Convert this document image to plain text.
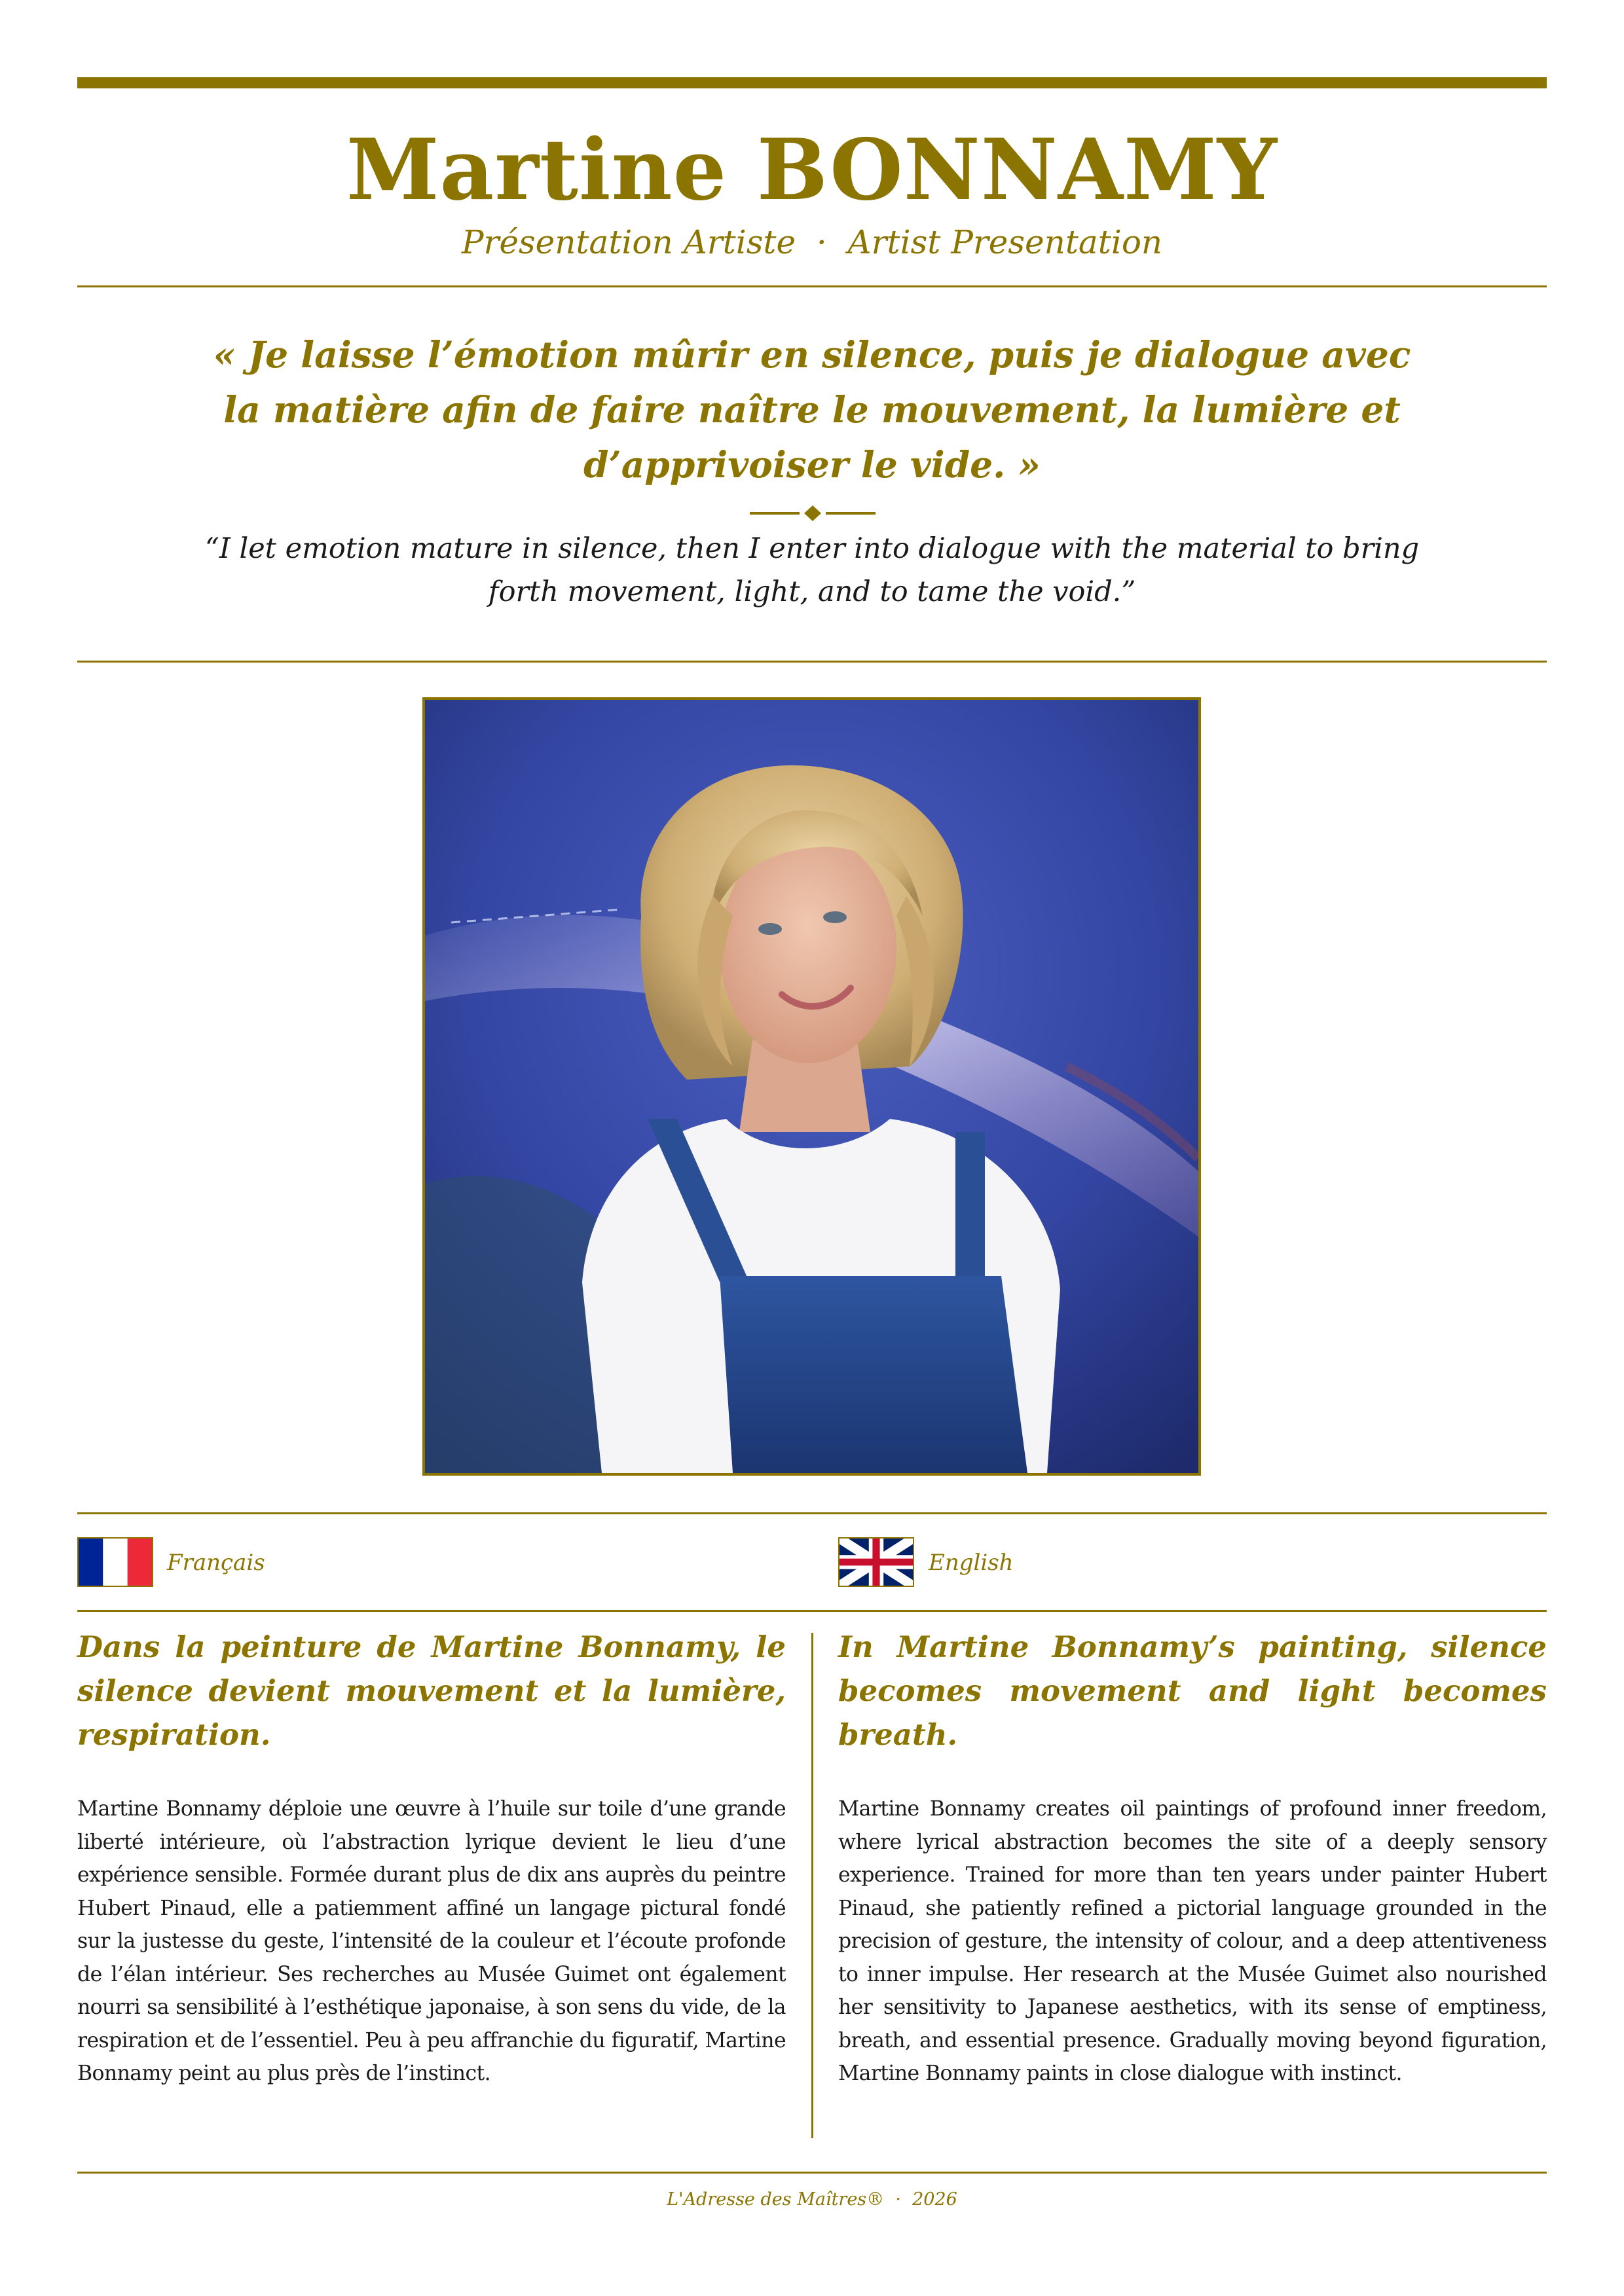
Martine BONNAMY
Présentation Artiste  ·  Artist Presentation
« Je laisse l’émotion mûrir en silence, puis je dialogue avec la matière afin de faire naître le mouvement, la lumière et d’apprivoiser le vide. »
“I let emotion mature in silence, then I enter into dialogue with the material to bring forth movement, light, and to tame the void.”
Français	English
Dans la peinture de Martine Bonnamy, le silence devient mouvement et la lumière, respiration.

Martine Bonnamy déploie une œuvre à l’huile sur toile d’une grande liberté intérieure, où l’abstraction lyrique devient le lieu d’une expérience sensible. Formée durant plus de dix ans auprès du peintre Hubert Pinaud, elle a patiemment affiné un langage pictural fondé sur la justesse du geste, l’intensité de la couleur et l’écoute profonde de l’élan intérieur. Ses recherches au Musée Guimet ont également nourri sa sensibilité à l’esthétique japonaise, à son sens du vide, de la respiration et de l’essentiel. Peu à peu affranchie du figuratif, Martine Bonnamy peint au plus près de l’instinct.

In Martine Bonnamy’s painting, silence becomes movement and light becomes breath.

Martine Bonnamy creates oil paintings of profound inner freedom, where lyrical abstraction becomes the site of a deeply sensory experience. Trained for more than ten years under painter Hubert Pinaud, she patiently refined a pictorial language grounded in the precision of gesture, the intensity of colour, and a deep attentiveness to inner impulse. Her research at the Musée Guimet also nourished her sensitivity to Japanese aesthetics, with its sense of emptiness, breath, and essential presence. Gradually moving beyond figuration, Martine Bonnamy paints in close dialogue with instinct.

L'Adresse des Maîtres®  ·  2026
